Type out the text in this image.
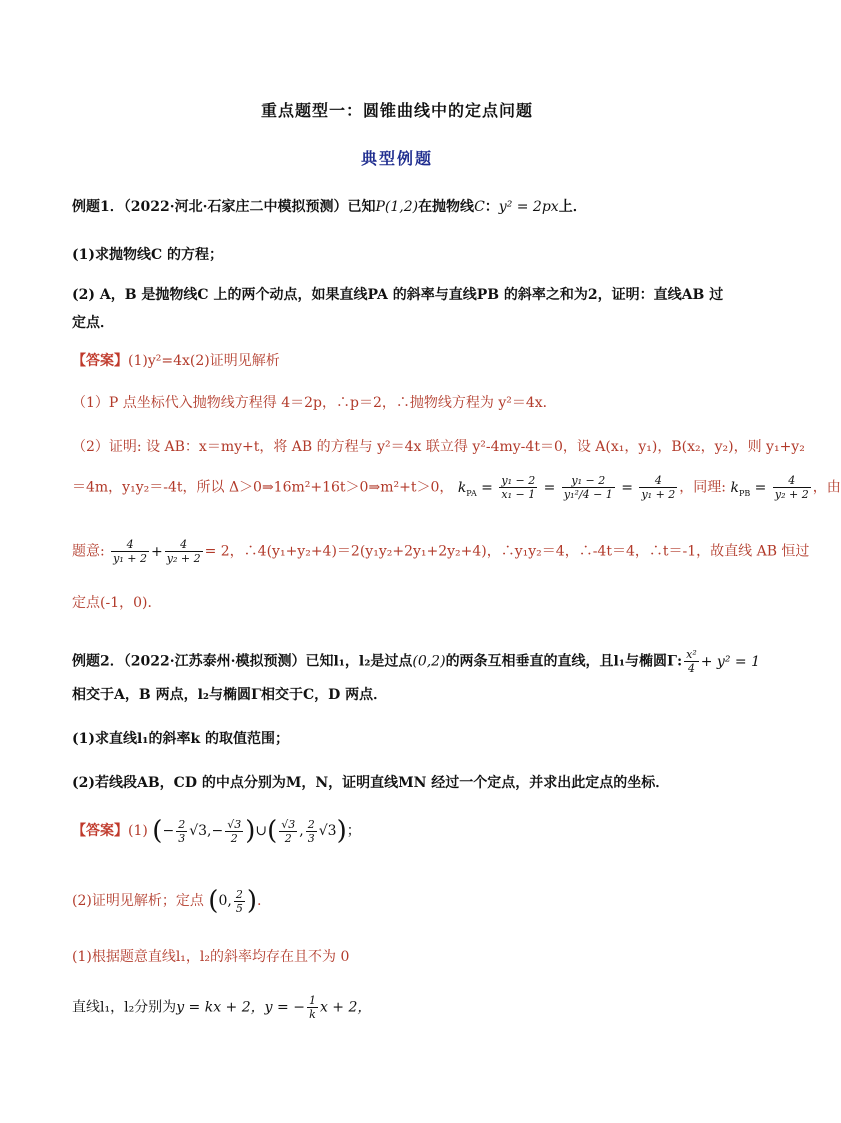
重点题型一：圆锥曲线中的定点问题
典型例题
例题1．（2022·河北·石家庄二中模拟预测）已知P(1,2)在抛物线C：y² = 2px上．
(1)求抛物线C 的方程；
(2) A，B 是抛物线C 上的两个动点，如果直线PA 的斜率与直线PB 的斜率之和为2，证明：直线AB 过
定点．
【答案】(1)y²=4x(2)证明见解析
（1）P 点坐标代入抛物线方程得 4＝2p，∴p＝2，∴抛物线方程为 y²＝4x．
（2）证明: 设 AB：x＝my+t，将 AB 的方程与 y²＝4x 联立得 y²-4my-4t＝0，设 A(x₁，y₁)，B(x₂，y₂)，则 y₁+y₂
＝4m，y₁y₂＝-4t，所以 Δ＞0⇒16m²+16t＞0⇒m²+t＞0， $k_{PA} = \frac{\text{y₁ − 2}}{\text{x₁ − 1}} = \frac{\text{y₁ − 2}}{\text{y₁²/4 − 1}} = \frac{4}{\text{y₁ + 2}}$ ，同理: $k_{PB} = \frac{4}{\text{y₂ + 2}}$ ，由
题意: $\frac{4}{\text{y₁ + 2}} + \frac{4}{\text{y₂ + 2}} = 2$，∴4(y₁+y₂+4)＝2(y₁y₂+2y₁+2y₂+4)，∴y₁y₂＝4，∴-4t＝4，∴t＝-1，故直线 AB 恒过
定点(-1，0)．
例题2．（2022·江苏泰州·模拟预测）已知l₁，l₂是过点(0,2)的两条互相垂直的直线，且l₁与椭圆Γ: $\frac{\text{x²}}{4} + y^2 = 1$
相交于A，B 两点，l₂与椭圆Γ相交于C，D 两点．
(1)求直线l₁的斜率k 的取值范围；
(2)若线段AB，CD 的中点分别为M，N，证明直线MN 经过一个定点，并求出此定点的坐标．
【答案】(1) (− $\frac{2}{3} √3,- \frac{√3}{2}$ )∪( $\frac{√3}{2}$ , $\frac{2}{3} √3$)；
(2)证明见解析；定点 (0, $\frac{2}{5}$ ).
(1)根据题意直线l₁，l₂的斜率均存在且不为 0
直线l₁，l₂分别为y = kx + 2，y = − $\frac{1}{k}$ x + 2，
